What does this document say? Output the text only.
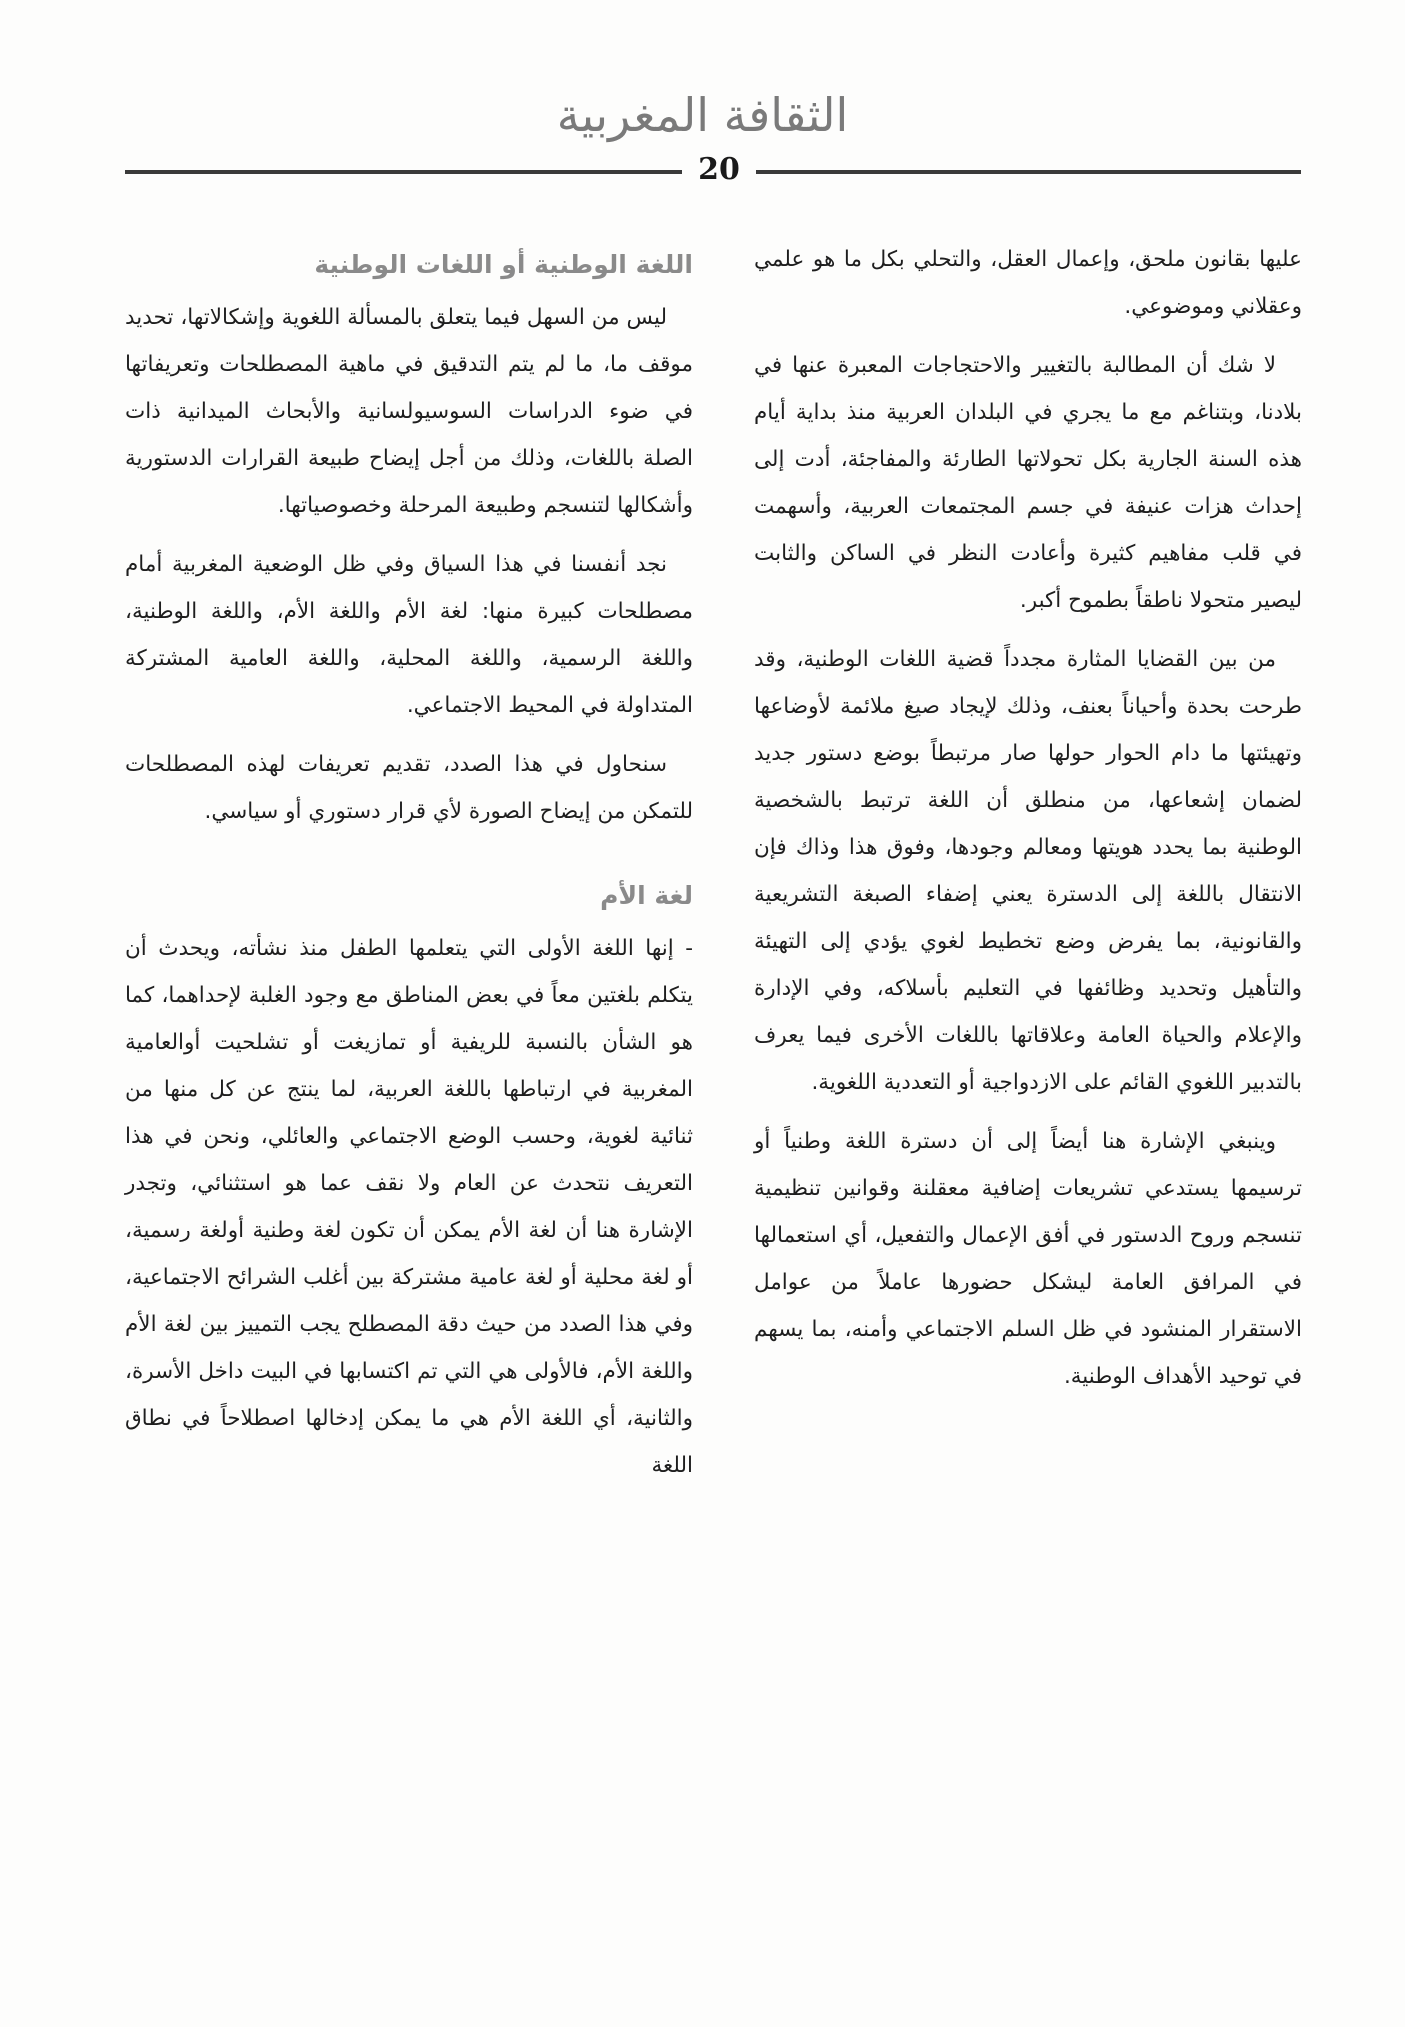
الثقافة المغربية
20

عليها بقانون ملحق، وإعمال العقل، والتحلي بكل ما هو علمي وعقلاني وموضوعي.

لا شك أن المطالبة بالتغيير والاحتجاجات المعبرة عنها في بلادنا، وبتناغم مع ما يجري في البلدان العربية منذ بداية أيام هذه السنة الجارية بكل تحولاتها الطارئة والمفاجئة، أدت إلى إحداث هزات عنيفة في جسم المجتمعات العربية، وأسهمت في قلب مفاهيم كثيرة وأعادت النظر في الساكن والثابت ليصير متحولا ناطقاً بطموح أكبر.

من بين القضايا المثارة مجدداً قضية اللغات الوطنية، وقد طرحت بحدة وأحياناً بعنف، وذلك لإيجاد صيغ ملائمة لأوضاعها وتهيئتها ما دام الحوار حولها صار مرتبطاً بوضع دستور جديد لضمان إشعاعها، من منطلق أن اللغة ترتبط بالشخصية الوطنية بما يحدد هويتها ومعالم وجودها، وفوق هذا وذاك فإن الانتقال باللغة إلى الدسترة يعني إضفاء الصبغة التشريعية والقانونية، بما يفرض وضع تخطيط لغوي يؤدي إلى التهيئة والتأهيل وتحديد وظائفها في التعليم بأسلاكه، وفي الإدارة والإعلام والحياة العامة وعلاقاتها باللغات الأخرى فيما يعرف بالتدبير اللغوي القائم على الازدواجية أو التعددية اللغوية.

وينبغي الإشارة هنا أيضاً إلى أن دسترة اللغة وطنياً أو ترسيمها يستدعي تشريعات إضافية معقلنة وقوانين تنظيمية تنسجم وروح الدستور في أفق الإعمال والتفعيل، أي استعمالها في المرافق العامة ليشكل حضورها عاملاً من عوامل الاستقرار المنشود في ظل السلم الاجتماعي وأمنه، بما يسهم في توحيد الأهداف الوطنية.

اللغة الوطنية أو اللغات الوطنية

ليس من السهل فيما يتعلق بالمسألة اللغوية وإشكالاتها، تحديد موقف ما، ما لم يتم التدقيق في ماهية المصطلحات وتعريفاتها في ضوء الدراسات السوسيولسانية والأبحاث الميدانية ذات الصلة باللغات، وذلك من أجل إيضاح طبيعة القرارات الدستورية وأشكالها لتنسجم وطبيعة المرحلة وخصوصياتها.

نجد أنفسنا في هذا السياق وفي ظل الوضعية المغربية أمام مصطلحات كبيرة منها: لغة الأم واللغة الأم، واللغة الوطنية، واللغة الرسمية، واللغة المحلية، واللغة العامية المشتركة المتداولة في المحيط الاجتماعي.

سنحاول في هذا الصدد، تقديم تعريفات لهذه المصطلحات للتمكن من إيضاح الصورة لأي قرار دستوري أو سياسي.

لغة الأم

- إنها اللغة الأولى التي يتعلمها الطفل منذ نشأته، ويحدث أن يتكلم بلغتين معاً في بعض المناطق مع وجود الغلبة لإحداهما، كما هو الشأن بالنسبة للريفية أو تمازيغت أو تشلحيت أوالعامية المغربية في ارتباطها باللغة العربية، لما ينتج عن كل منها من ثنائية لغوية، وحسب الوضع الاجتماعي والعائلي، ونحن في هذا التعريف نتحدث عن العام ولا نقف عما هو استثنائي، وتجدر الإشارة هنا أن لغة الأم يمكن أن تكون لغة وطنية أولغة رسمية، أو لغة محلية أو لغة عامية مشتركة بين أغلب الشرائح الاجتماعية، وفي هذا الصدد من حيث دقة المصطلح يجب التمييز بين لغة الأم واللغة الأم، فالأولى هي التي تم اكتسابها في البيت داخل الأسرة، والثانية، أي اللغة الأم هي ما يمكن إدخالها اصطلاحاً في نطاق اللغة
